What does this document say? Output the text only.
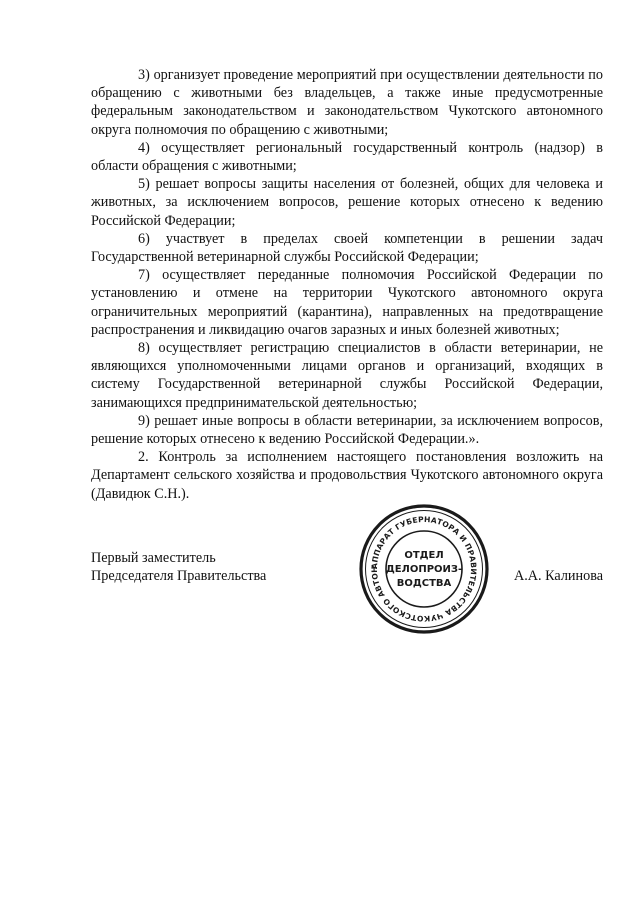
3) организует проведение мероприятий при осуществлении деятельности по обращению с животными без владельцев, а также иные предусмотренные федеральным законодательством и законодательством Чукотского автономного округа полномочия по обращению с животными;

4) осуществляет региональный государственный контроль (надзор) в области обращения с животными;

5) решает вопросы защиты населения от болезней, общих для человека и животных, за исключением вопросов, решение которых отнесено к ведению Российской Федерации;

6) участвует в пределах своей компетенции в решении задач Государственной ветеринарной службы Российской Федерации;

7) осуществляет переданные полномочия Российской Федерации по установлению и отмене на территории Чукотского автономного округа ограничительных мероприятий (карантина), направленных на предотвращение распространения и ликвидацию очагов заразных и иных болезней животных;

8) осуществляет регистрацию специалистов в области ветеринарии, не являющихся уполномоченными лицами органов и организаций, входящих в систему Государственной ветеринарной службы Российской Федерации, занимающихся предпринимательской деятельностью;

9) решает иные вопросы в области ветеринарии, за исключением вопросов, решение которых отнесено к ведению Российской Федерации.».

2. Контроль за исполнением настоящего постановления возложить на Департамент сельского хозяйства и продовольствия Чукотского автономного округа (Давидюк С.Н.).

Первый заместитель
Председателя Правительства	А.А. Калинова
АППАРАТ ГУБЕРНАТОРА И ПРАВИТЕЛЬСТВА ЧУКОТСКОГО АВТОН
ОТДЕЛ
ДЕЛОПРОИЗ-
ВОДСТВА
